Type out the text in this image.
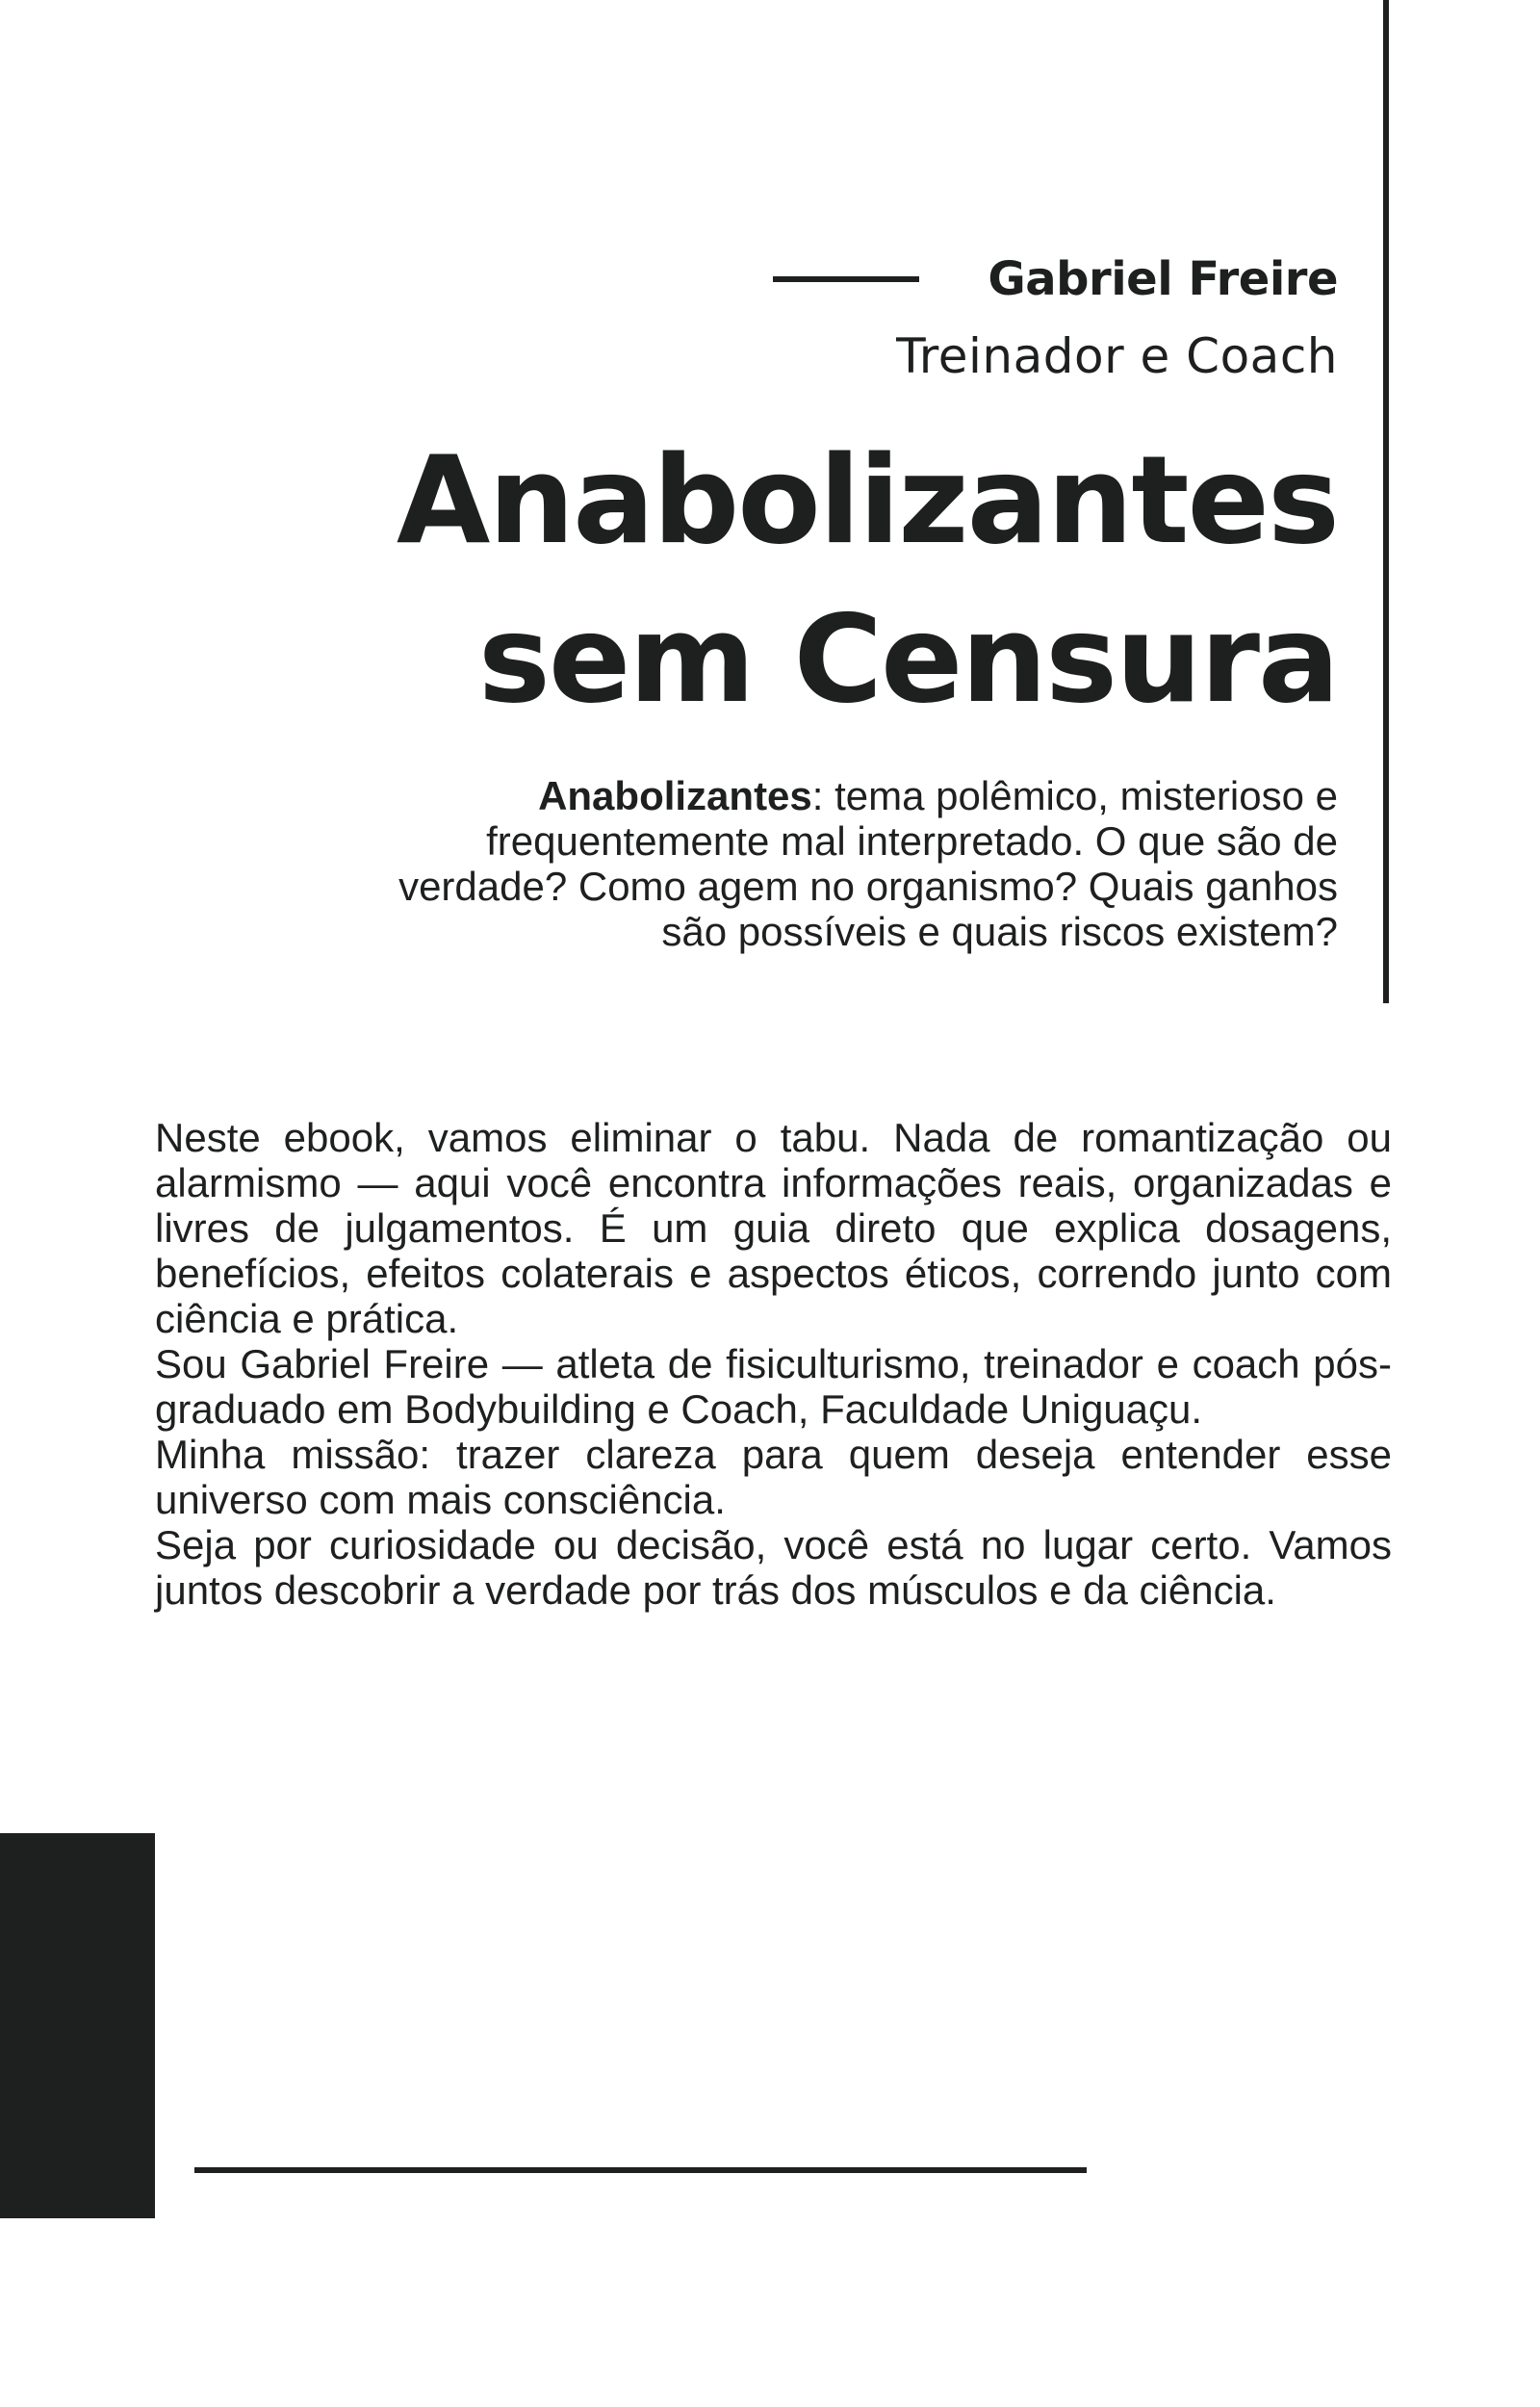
Gabriel Freire
Treinador e Coach
Anabolizantes
sem Censura
Anabolizantes: tema polêmico, misterioso e frequentemente mal interpretado. O que são de verdade? Como agem no organismo? Quais ganhos são possíveis e quais riscos existem?

Neste ebook, vamos eliminar o tabu. Nada de romantização ou alarmismo — aqui você encontra informações reais, organizadas e livres de julgamentos. É um guia direto que explica dosagens, benefícios, efeitos colaterais e aspectos éticos, correndo junto com ciência e prática.

Sou Gabriel Freire — atleta de fisiculturismo, treinador e coach pós- graduado em Bodybuilding e Coach, Faculdade Uniguaçu.

Minha missão: trazer clareza para quem deseja entender esse universo com mais consciência.

Seja por curiosidade ou decisão, você está no lugar certo. Vamos juntos descobrir a verdade por trás dos músculos e da ciência.
